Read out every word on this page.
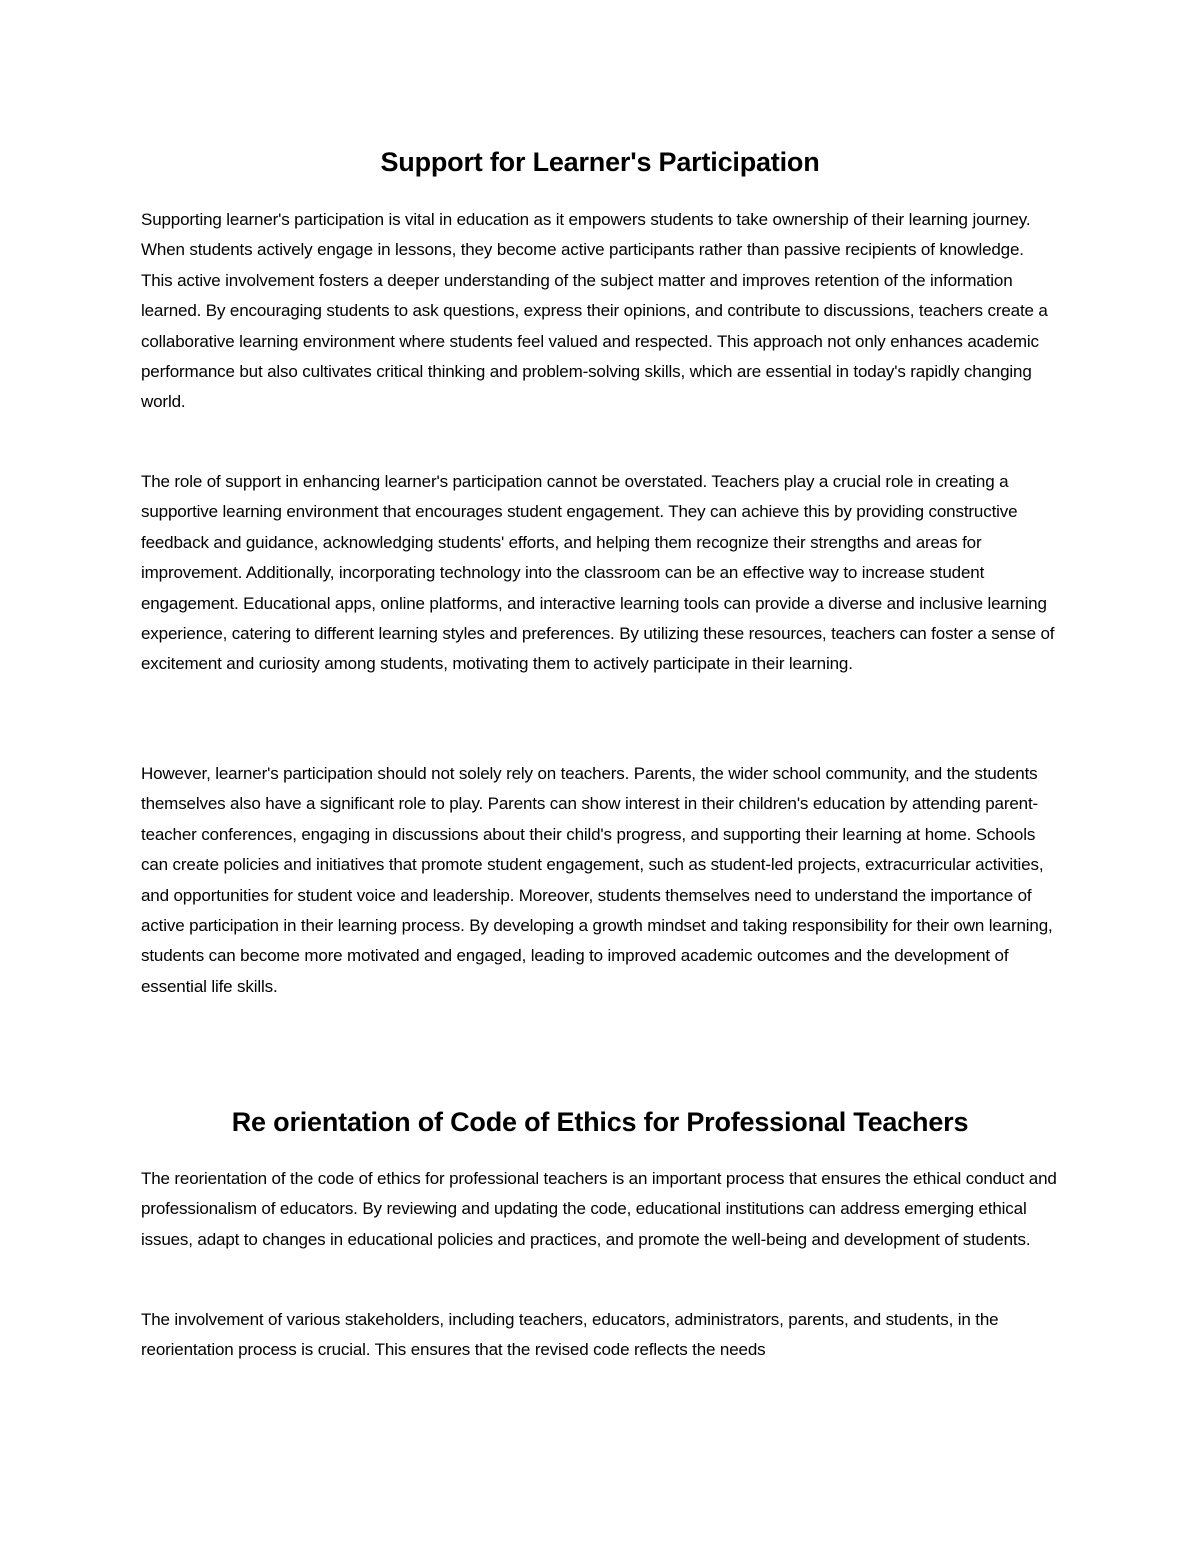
Support for Learner's Participation

Supporting learner's participation is vital in education as it empowers students to take ownership of their learning journey. When students actively engage in lessons, they become active participants rather than passive recipients of knowledge. This active involvement fosters a deeper understanding of the subject matter and improves retention of the information learned. By encouraging students to ask questions, express their opinions, and contribute to discussions, teachers create a collaborative learning environment where students feel valued and respected. This approach not only enhances academic performance but also cultivates critical thinking and problem-solving skills, which are essential in today's rapidly changing world.

The role of support in enhancing learner's participation cannot be overstated. Teachers play a crucial role in creating a supportive learning environment that encourages student engagement. They can achieve this by providing constructive feedback and guidance, acknowledging students' efforts, and helping them recognize their strengths and areas for improvement. Additionally, incorporating technology into the classroom can be an effective way to increase student engagement. Educational apps, online platforms, and interactive learning tools can provide a diverse and inclusive learning experience, catering to different learning styles and preferences. By utilizing these resources, teachers can foster a sense of excitement and curiosity among students, motivating them to actively participate in their learning.

However, learner's participation should not solely rely on teachers. Parents, the wider school community, and the students themselves also have a significant role to play. Parents can show interest in their children's education by attending parent-teacher conferences, engaging in discussions about their child's progress, and supporting their learning at home. Schools can create policies and initiatives that promote student engagement, such as student-led projects, extracurricular activities, and opportunities for student voice and leadership. Moreover, students themselves need to understand the importance of active participation in their learning process. By developing a growth mindset and taking responsibility for their own learning, students can become more motivated and engaged, leading to improved academic outcomes and the development of essential life skills.

Re orientation of Code of Ethics for Professional Teachers

The reorientation of the code of ethics for professional teachers is an important process that ensures the ethical conduct and professionalism of educators. By reviewing and updating the code, educational institutions can address emerging ethical issues, adapt to changes in educational policies and practices, and promote the well-being and development of students.

The involvement of various stakeholders, including teachers, educators, administrators, parents, and students, in the reorientation process is crucial. This ensures that the revised code reflects the needs
